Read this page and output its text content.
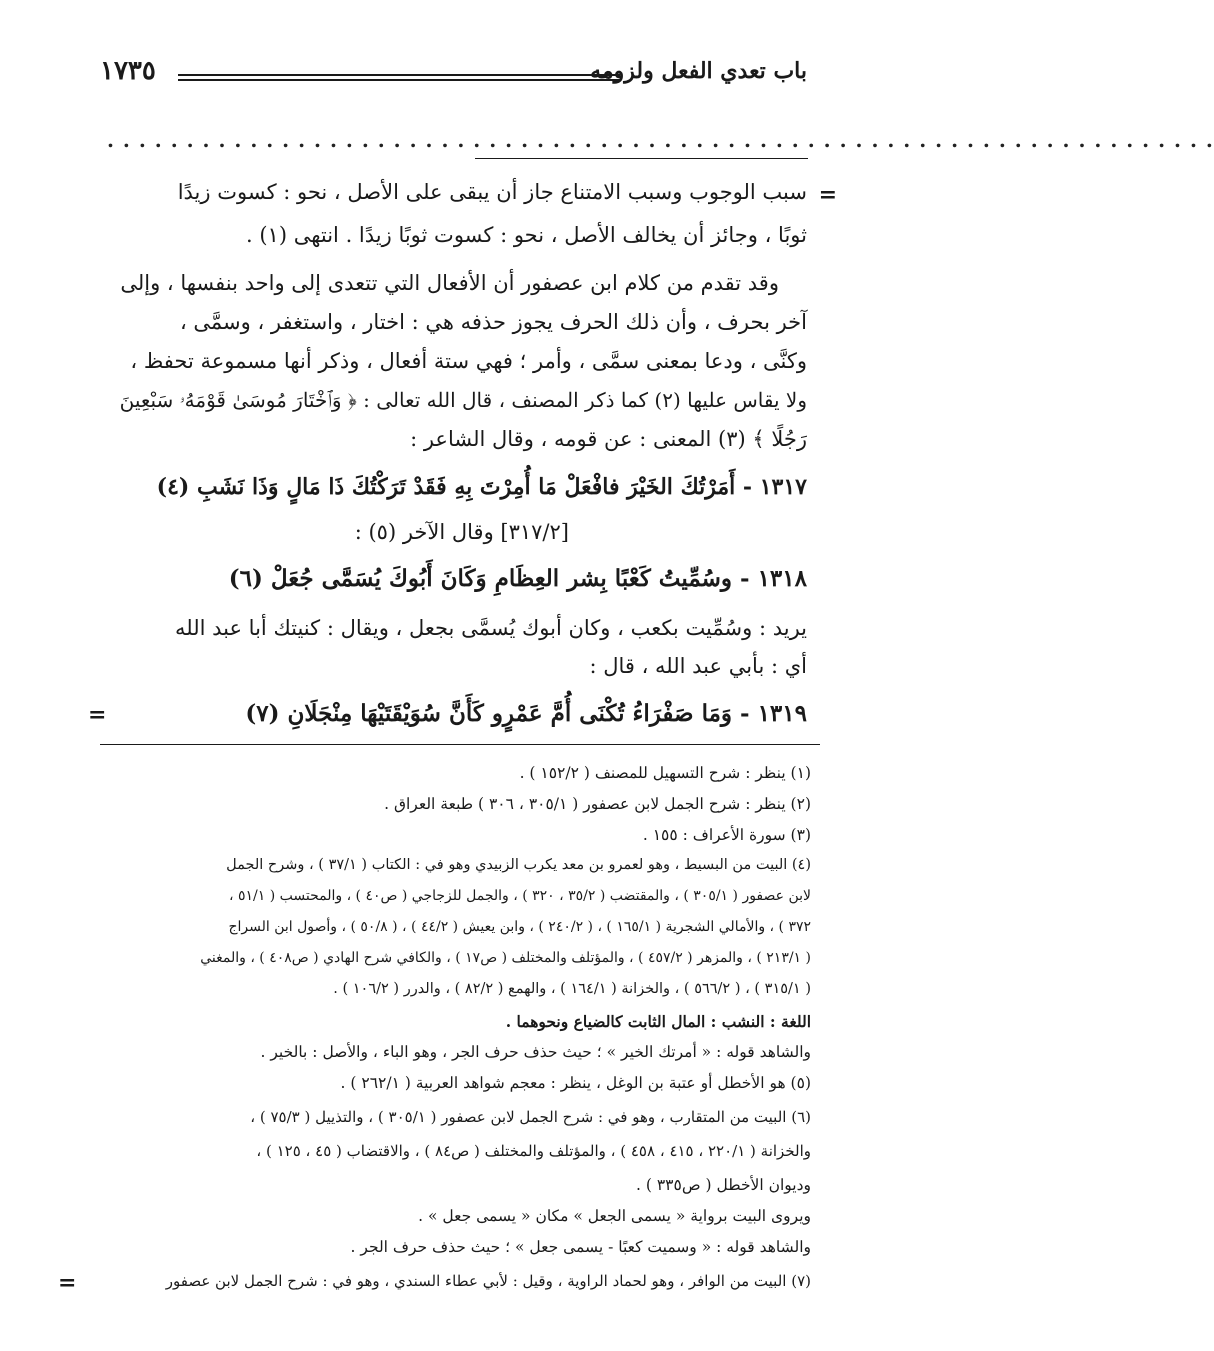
باب تعدي الفعل ولزومه
١٧٣٥
. . . . . . . . . . . . . . . . . . . . . . . . . . . . . . . . . . . . . . . . . . . . . . . . . . . . . . . . . . . . . . . . . . . . . .
=
سبب الوجوب وسبب الامتناع جاز أن يبقى على الأصل ، نحو : كسوت زيدًا
ثوبًا ، وجائز أن يخالف الأصل ، نحو : كسوت ثوبًا زيدًا . انتهى (١) .
وقد تقدم من كلام ابن عصفور أن الأفعال التي تتعدى إلى واحد بنفسها ، وإلى
آخر بحرف ، وأن ذلك الحرف يجوز حذفه هي : اختار ، واستغفر ، وسمَّى ،
وكنَّى ، ودعا بمعنى سمَّى ، وأمر ؛ فهي ستة أفعال ، وذكر أنها مسموعة تحفظ ،
ولا يقاس عليها (٢) كما ذكر المصنف ، قال الله تعالى : ﴿ وَٱخْتَارَ مُوسَىٰ قَوْمَهُۥ سَبْعِينَ
رَجُلًا ﴾ (٣) المعنى : عن قومه ، وقال الشاعر :
١٣١٧ - أَمَرْتُكَ الخَيْرَ فافْعَلْ مَا أُمِرْتَ بِهِ فَقَدْ تَرَكْتُكَ ذَا مَالٍ وَذَا نَشَبِ (٤)
[٣١٧/٢] وقال الآخر (٥) :
١٣١٨ - وسُمِّيتُ كَعْبًا بِشر العِظَامِ وَكَانَ أَبُوكَ يُسَمَّى جُعَلْ (٦)
يريد : وسُمِّيت بكعب ، وكان أبوك يُسمَّى بجعل ، ويقال : كنيتك أبا عبد الله
أي : بأبي عبد الله ، قال :
١٣١٩ - وَمَا صَفْرَاءُ تُكْنَى أُمَّ عَمْرٍو كَأَنَّ سُوَيْقَتَيْهَا مِنْجَلَانِ (٧)
=
(١) ينظر : شرح التسهيل للمصنف ( ١٥٢/٢ ) .
(٢) ينظر : شرح الجمل لابن عصفور ( ٣٠٥/١ ، ٣٠٦ ) طبعة العراق .
(٣) سورة الأعراف : ١٥٥ .
(٤) البيت من البسيط ، وهو لعمرو بن معد يكرب الزبيدي وهو في : الكتاب ( ٣٧/١ ) ، وشرح الجمل
لابن عصفور ( ٣٠٥/١ ) ، والمقتضب ( ٣٥/٢ ، ٣٢٠ ) ، والجمل للزجاجي ( ص٤٠ ) ، والمحتسب ( ٥١/١ ،
٣٧٢ ) ، والأمالي الشجرية ( ١٦٥/١ ) ، ( ٢٤٠/٢ ) ، وابن يعيش ( ٤٤/٢ ) ، ( ٥٠/٨ ) ، وأصول ابن السراج
( ٢١٣/١ ) ، والمزهر ( ٤٥٧/٢ ) ، والمؤتلف والمختلف ( ص١٧ ) ، والكافي شرح الهادي ( ص٤٠٨ ) ، والمغني
( ٣١٥/١ ) ، ( ٥٦٦/٢ ) ، والخزانة ( ١٦٤/١ ) ، والهمع ( ٨٢/٢ ) ، والدرر ( ١٠٦/٢ ) .
اللغة : النشب : المال الثابت كالضياع ونحوهما .
والشاهد قوله : « أمرتك الخير » ؛ حيث حذف حرف الجر ، وهو الباء ، والأصل : بالخير .
(٥) هو الأخطل أو عتبة بن الوغل ، ينظر : معجم شواهد العربية ( ٢٦٢/١ ) .
(٦) البيت من المتقارب ، وهو في : شرح الجمل لابن عصفور ( ٣٠٥/١ ) ، والتذييل ( ٧٥/٣ ) ،
والخزانة ( ٢٢٠/١ ، ٤١٥ ، ٤٥٨ ) ، والمؤتلف والمختلف ( ص٨٤ ) ، والاقتضاب ( ٤٥ ، ١٢٥ ) ،
وديوان الأخطل ( ص٣٣٥ ) .
ويروى البيت برواية « يسمى الجعل » مكان « يسمى جعل » .
والشاهد قوله : « وسميت كعبًا - يسمى جعل » ؛ حيث حذف حرف الجر .
(٧) البيت من الوافر ، وهو لحماد الراوية ، وقيل : لأبي عطاء السندي ، وهو في : شرح الجمل لابن عصفور
=
